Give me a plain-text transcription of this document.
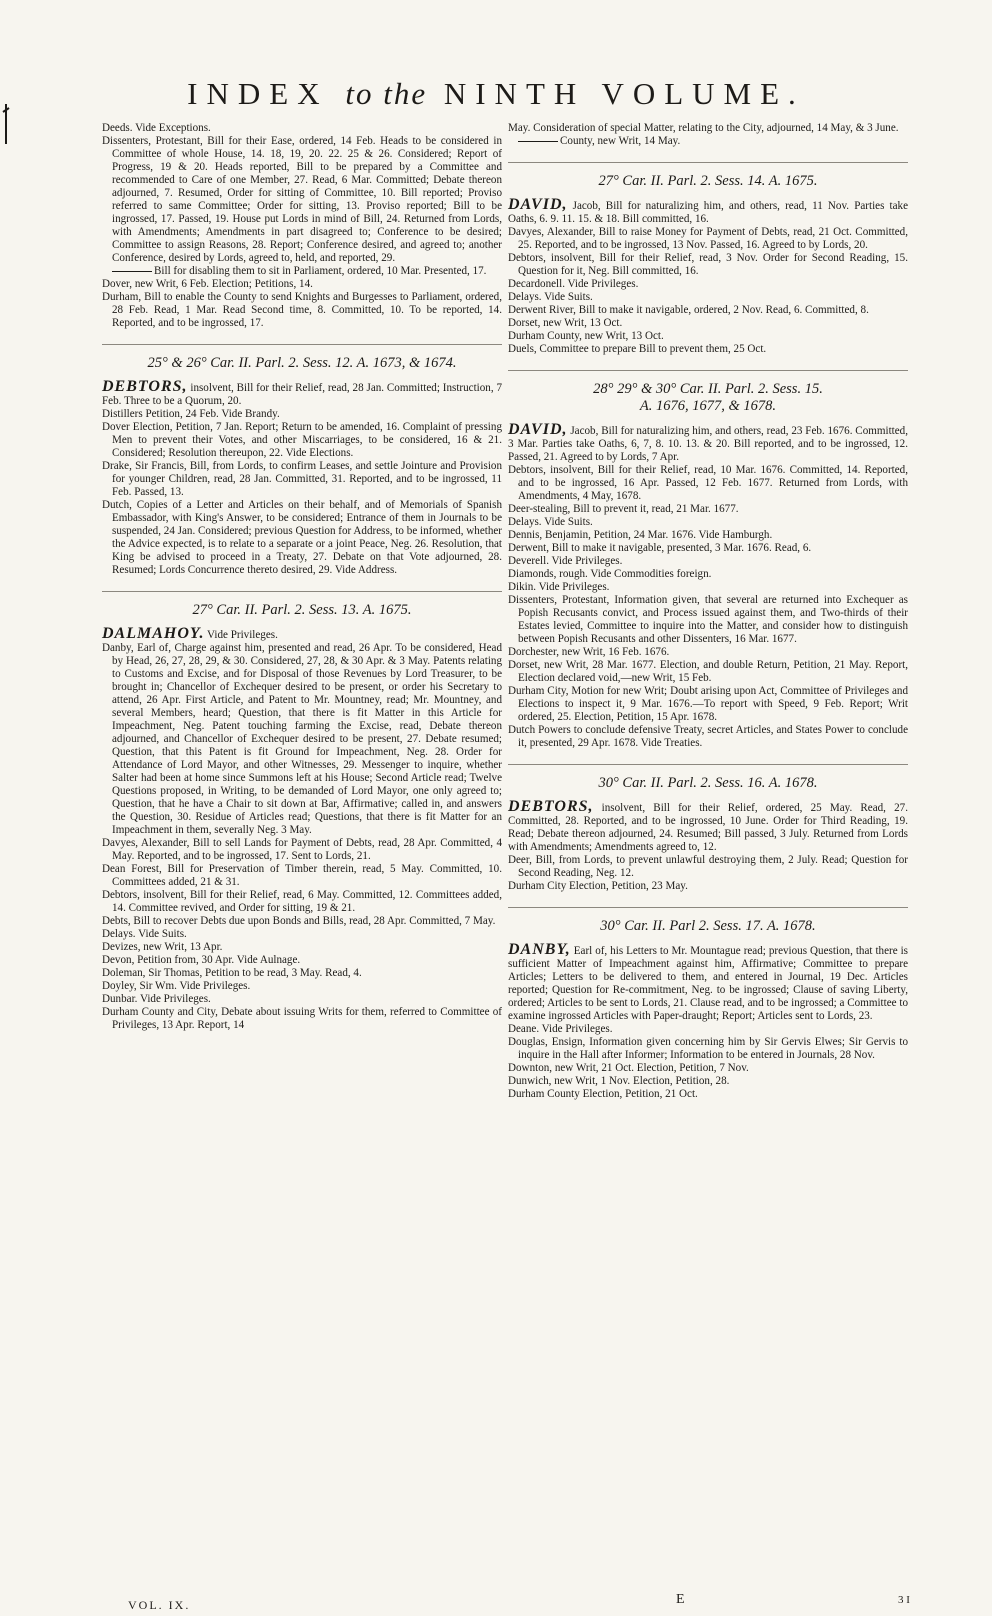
INDEX to the NINTH VOLUME.

Deeds. Vide Exceptions.

Dissenters, Protestant, Bill for their Ease, ordered, 14 Feb. Heads to be considered in Committee of whole House, 14. 18, 19, 20. 22. 25 & 26. Considered; Report of Progress, 19 & 20. Heads reported, Bill to be prepared by a Committee and recommended to Care of one Member, 27. Read, 6 Mar. Committed; Debate thereon adjourned, 7. Resumed, Order for sitting of Committee, 10. Bill reported; Proviso referred to same Committee; Order for sitting, 13. Proviso reported; Bill to be ingrossed, 17. Passed, 19. House put Lords in mind of Bill, 24. Returned from Lords, with Amendments; Amendments in part disagreed to; Conference to be desired; Committee to assign Reasons, 28. Report; Conference desired, and agreed to; another Conference, desired by Lords, agreed to, held, and reported, 29.

Bill for disabling them to sit in Parliament, ordered, 10 Mar. Presented, 17.

Dover, new Writ, 6 Feb. Election; Petitions, 14.

Durham, Bill to enable the County to send Knights and Burgesses to Parliament, ordered, 28 Feb. Read, 1 Mar. Read Second time, 8. Committed, 10. To be reported, 14. Reported, and to be ingrossed, 17.

25° & 26° Car. II. Parl. 2. Sess. 12. A. 1673, & 1674.

DEBTORS, insolvent, Bill for their Relief, read, 28 Jan. Committed; Instruction, 7 Feb. Three to be a Quorum, 20.

Distillers Petition, 24 Feb. Vide Brandy.

Dover Election, Petition, 7 Jan. Report; Return to be amended, 16. Complaint of pressing Men to prevent their Votes, and other Miscarriages, to be considered, 16 & 21. Considered; Resolution thereupon, 22. Vide Elections.

Drake, Sir Francis, Bill, from Lords, to confirm Leases, and settle Jointure and Provision for younger Children, read, 28 Jan. Committed, 31. Reported, and to be ingrossed, 11 Feb. Passed, 13.

Dutch, Copies of a Letter and Articles on their behalf, and of Memorials of Spanish Embassador, with King's Answer, to be considered; Entrance of them in Journals to be suspended, 24 Jan. Considered; previous Question for Address, to be informed, whether the Advice expected, is to relate to a separate or a joint Peace, Neg. 26. Resolution, that King be advised to proceed in a Treaty, 27. Debate on that Vote adjourned, 28. Resumed; Lords Concurrence thereto desired, 29. Vide Address.

27° Car. II. Parl. 2. Sess. 13. A. 1675.

DALMAHOY. Vide Privileges.

Danby, Earl of, Charge against him, presented and read, 26 Apr. To be considered, Head by Head, 26, 27, 28, 29, & 30. Considered, 27, 28, & 30 Apr. & 3 May. Patents relating to Customs and Excise, and for Disposal of those Revenues by Lord Treasurer, to be brought in; Chancellor of Exchequer desired to be present, or order his Secretary to attend, 26 Apr. First Article, and Patent to Mr. Mountney, read; Mr. Mountney, and several Members, heard; Question, that there is fit Matter in this Article for Impeachment, Neg. Patent touching farming the Excise, read, Debate thereon adjourned, and Chancellor of Exchequer desired to be present, 27. Debate resumed; Question, that this Patent is fit Ground for Impeachment, Neg. 28. Order for Attendance of Lord Mayor, and other Witnesses, 29. Messenger to inquire, whether Salter had been at home since Summons left at his House; Second Article read; Twelve Questions proposed, in Writing, to be demanded of Lord Mayor, one only agreed to; Question, that he have a Chair to sit down at Bar, Affirmative; called in, and answers the Question, 30. Residue of Articles read; Questions, that there is fit Matter for an Impeachment in them, severally Neg. 3 May.

Davyes, Alexander, Bill to sell Lands for Payment of Debts, read, 28 Apr. Committed, 4 May. Reported, and to be ingrossed, 17. Sent to Lords, 21.

Dean Forest, Bill for Preservation of Timber therein, read, 5 May. Committed, 10. Committees added, 21 & 31.

Debtors, insolvent, Bill for their Relief, read, 6 May. Committed, 12. Committees added, 14. Committee revived, and Order for sitting, 19 & 21.

Debts, Bill to recover Debts due upon Bonds and Bills, read, 28 Apr. Committed, 7 May.

Delays. Vide Suits.

Devizes, new Writ, 13 Apr.

Devon, Petition from, 30 Apr. Vide Aulnage.

Doleman, Sir Thomas, Petition to be read, 3 May. Read, 4.

Doyley, Sir Wm. Vide Privileges.

Dunbar. Vide Privileges.

Durham County and City, Debate about issuing Writs for them, referred to Committee of Privileges, 13 Apr. Report, 14

May. Consideration of special Matter, relating to the City, adjourned, 14 May, & 3 June.

County, new Writ, 14 May.

27° Car. II. Parl. 2. Sess. 14. A. 1675.

DAVID, Jacob, Bill for naturalizing him, and others, read, 11 Nov. Parties take Oaths, 6. 9. 11. 15. & 18. Bill committed, 16.

Davyes, Alexander, Bill to raise Money for Payment of Debts, read, 21 Oct. Committed, 25. Reported, and to be ingrossed, 13 Nov. Passed, 16. Agreed to by Lords, 20.

Debtors, insolvent, Bill for their Relief, read, 3 Nov. Order for Second Reading, 15. Question for it, Neg. Bill committed, 16.

Decardonell. Vide Privileges.

Delays. Vide Suits.

Derwent River, Bill to make it navigable, ordered, 2 Nov. Read, 6. Committed, 8.

Dorset, new Writ, 13 Oct.

Durham County, new Writ, 13 Oct.

Duels, Committee to prepare Bill to prevent them, 25 Oct.

28° 29° & 30° Car. II. Parl. 2. Sess. 15.
A. 1676, 1677, & 1678.

DAVID, Jacob, Bill for naturalizing him, and others, read, 23 Feb. 1676. Committed, 3 Mar. Parties take Oaths, 6, 7, 8. 10. 13. & 20. Bill reported, and to be ingrossed, 12. Passed, 21. Agreed to by Lords, 7 Apr.

Debtors, insolvent, Bill for their Relief, read, 10 Mar. 1676. Committed, 14. Reported, and to be ingrossed, 16 Apr. Passed, 12 Feb. 1677. Returned from Lords, with Amendments, 4 May, 1678.

Deer-stealing, Bill to prevent it, read, 21 Mar. 1677.

Delays. Vide Suits.

Dennis, Benjamin, Petition, 24 Mar. 1676. Vide Hamburgh.

Derwent, Bill to make it navigable, presented, 3 Mar. 1676. Read, 6.

Deverell. Vide Privileges.

Diamonds, rough. Vide Commodities foreign.

Dikin. Vide Privileges.

Dissenters, Protestant, Information given, that several are returned into Exchequer as Popish Recusants convict, and Process issued against them, and Two-thirds of their Estates levied, Committee to inquire into the Matter, and consider how to distinguish between Popish Recusants and other Dissenters, 16 Mar. 1677.

Dorchester, new Writ, 16 Feb. 1676.

Dorset, new Writ, 28 Mar. 1677. Election, and double Return, Petition, 21 May. Report, Election declared void,—new Writ, 15 Feb.

Durham City, Motion for new Writ; Doubt arising upon Act, Committee of Privileges and Elections to inspect it, 9 Mar. 1676.—To report with Speed, 9 Feb. Report; Writ ordered, 25. Election, Petition, 15 Apr. 1678.

Dutch Powers to conclude defensive Treaty, secret Articles, and States Power to conclude it, presented, 29 Apr. 1678. Vide Treaties.

30° Car. II. Parl. 2. Sess. 16. A. 1678.

DEBTORS, insolvent, Bill for their Relief, ordered, 25 May. Read, 27. Committed, 28. Reported, and to be ingrossed, 10 June. Order for Third Reading, 19. Read; Debate thereon adjourned, 24. Resumed; Bill passed, 3 July. Returned from Lords with Amendments; Amendments agreed to, 12.

Deer, Bill, from Lords, to prevent unlawful destroying them, 2 July. Read; Question for Second Reading, Neg. 12.

Durham City Election, Petition, 23 May.

30° Car. II. Parl 2. Sess. 17. A. 1678.

DANBY, Earl of, his Letters to Mr. Mountague read; previous Question, that there is sufficient Matter of Impeachment against him, Affirmative; Committee to prepare Articles; Letters to be delivered to them, and entered in Journal, 19 Dec. Articles reported; Question for Re-commitment, Neg. to be ingrossed; Clause of saving Liberty, ordered; Articles to be sent to Lords, 21. Clause read, and to be ingrossed; a Committee to examine ingrossed Articles with Paper-draught; Report; Articles sent to Lords, 23.

Deane. Vide Privileges.

Douglas, Ensign, Information given concerning him by Sir Gervis Elwes; Sir Gervis to inquire in the Hall after Informer; Information to be entered in Journals, 28 Nov.

Downton, new Writ, 21 Oct. Election, Petition, 7 Nov.

Dunwich, new Writ, 1 Nov. Election, Petition, 28.

Durham County Election, Petition, 21 Oct.

VOL. IX.	E	3 I
